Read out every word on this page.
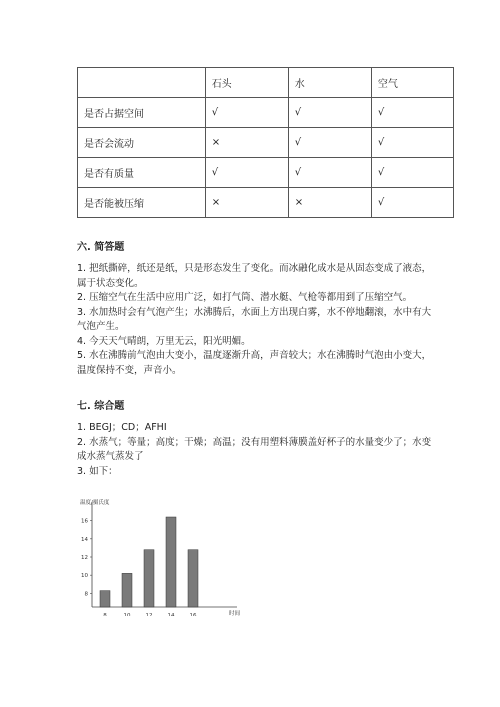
	石头	水	空气
是否占据空间	√	√	√
是否会流动	×	√	√
是否有质量	√	√	√
是否能被压缩	×	×	√
六. 简答题

1. 把纸撕碎，纸还是纸，只是形态发生了变化。而冰融化成水是从固态变成了液态，属于状态变化。

2. 压缩空气在生活中应用广泛，如打气筒、潜水艇、气枪等都用到了压缩空气。

3. 水加热时会有气泡产生；水沸腾后，水面上方出现白雾，水不停地翻滚，水中有大气泡产生。

4. 今天天气晴朗，万里无云，阳光明媚。

5. 水在沸腾前气泡由大变小，温度逐渐升高，声音较大；水在沸腾时气泡由小变大，温度保持不变，声音小。

七. 综合题

1. BEGJ；CD；AFHI

2. 水蒸气；等量；高度；干燥；高温；没有用塑料薄膜盖好杯子的水量变少了；水变成水蒸气蒸发了

3. 如下：

8
10
12
14
16
温度/摄氏度
8	10	12	14	16	时间
